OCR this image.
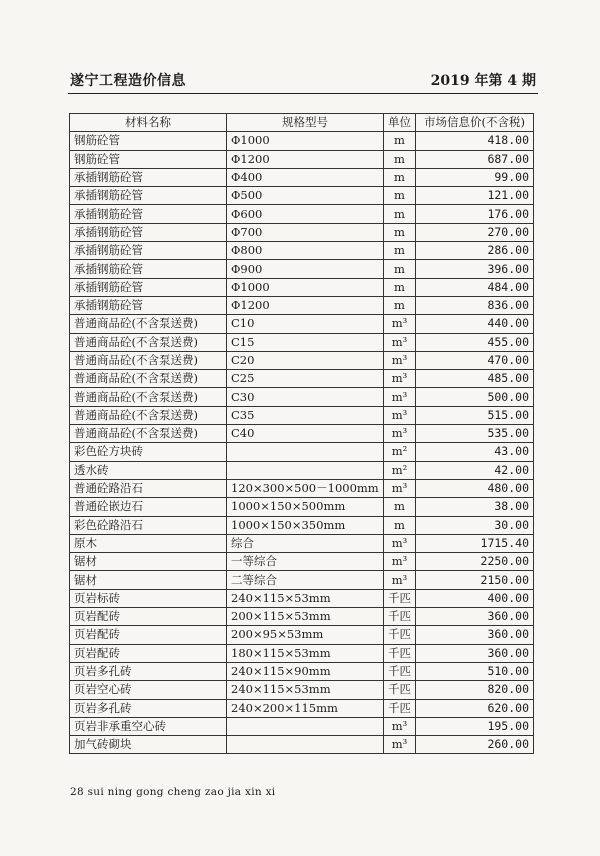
遂宁工程造价信息	2019 年第 4 期
材料名称	规格型号	单位	市场信息价(不含税)
钢筋砼管	Φ1000	m	418.00
钢筋砼管	Φ1200	m	687.00
承插钢筋砼管	Φ400	m	99.00
承插钢筋砼管	Φ500	m	121.00
承插钢筋砼管	Φ600	m	176.00
承插钢筋砼管	Φ700	m	270.00
承插钢筋砼管	Φ800	m	286.00
承插钢筋砼管	Φ900	m	396.00
承插钢筋砼管	Φ1000	m	484.00
承插钢筋砼管	Φ1200	m	836.00
普通商品砼(不含泵送费)	C10	m³	440.00
普通商品砼(不含泵送费)	C15	m³	455.00
普通商品砼(不含泵送费)	C20	m³	470.00
普通商品砼(不含泵送费)	C25	m³	485.00
普通商品砼(不含泵送费)	C30	m³	500.00
普通商品砼(不含泵送费)	C35	m³	515.00
普通商品砼(不含泵送费)	C40	m³	535.00
彩色砼方块砖		m²	43.00
透水砖		m²	42.00
普通砼路沿石	120×300×500－1000mm	m³	480.00
普通砼嵌边石	1000×150×500mm	m	38.00
彩色砼路沿石	1000×150×350mm	m	30.00
原木	综合	m³	1715.40
锯材	一等综合	m³	2250.00
锯材	二等综合	m³	2150.00
页岩标砖	240×115×53mm	千匹	400.00
页岩配砖	200×115×53mm	千匹	360.00
页岩配砖	200×95×53mm	千匹	360.00
页岩配砖	180×115×53mm	千匹	360.00
页岩多孔砖	240×115×90mm	千匹	510.00
页岩空心砖	240×115×53mm	千匹	820.00
页岩多孔砖	240×200×115mm	千匹	620.00
页岩非承重空心砖		m³	195.00
加气砖砌块		m³	260.00
28 sui ning gong cheng zao jia xin xi
